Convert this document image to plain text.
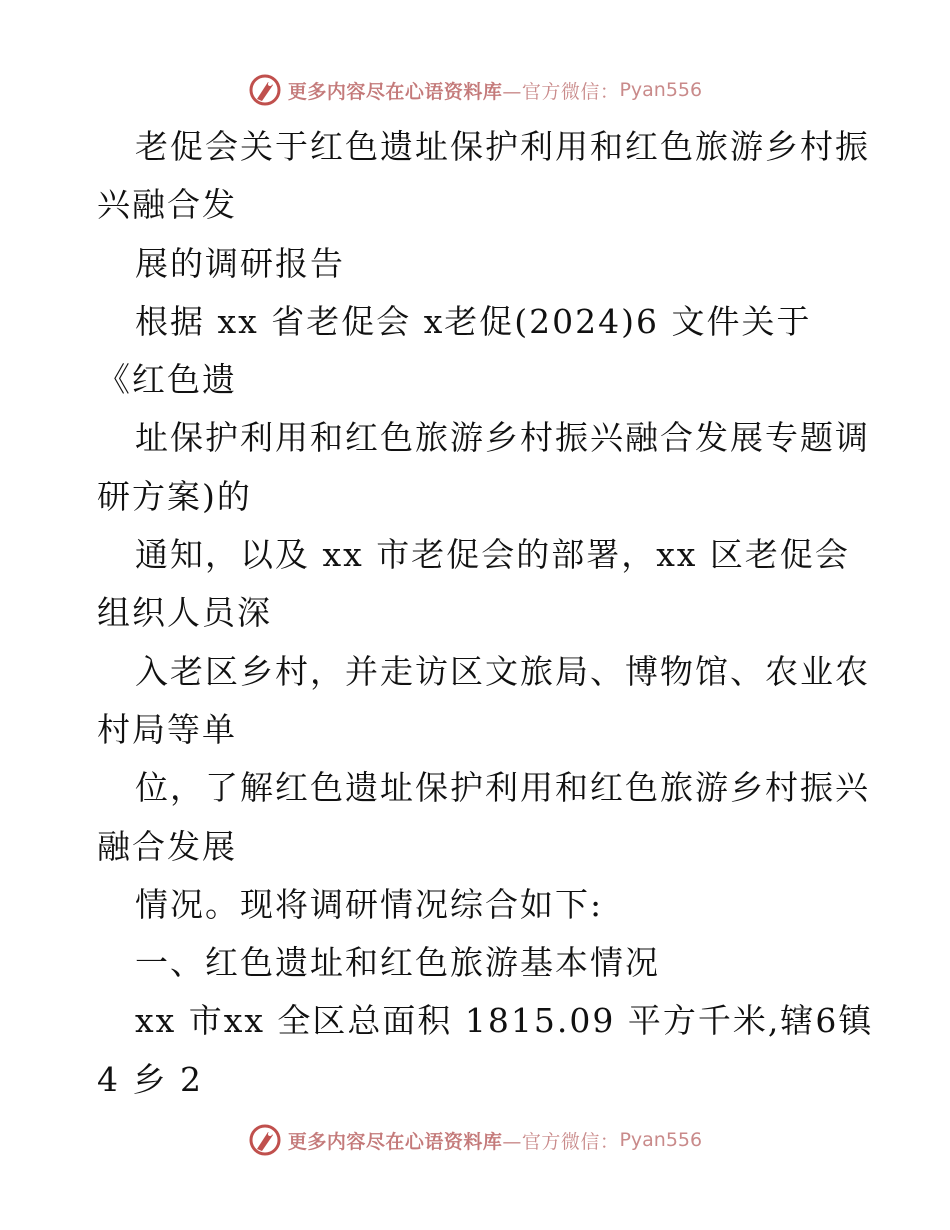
更多内容尽在心语资料库—官方微信： Pyan556
老促会关于红色遗址保护利用和红色旅游乡村振
兴融合发
展的调研报告
根据 xx 省老促会 x老促(2024)6 文件关于
《红色遗
址保护利用和红色旅游乡村振兴融合发展专题调
研方案)的
通知，以及 xx 市老促会的部署，xx 区老促会
组织人员深
入老区乡村，并走访区文旅局、博物馆、农业农
村局等单
位，了解红色遗址保护利用和红色旅游乡村振兴
融合发展
情况。现将调研情况综合如下:
一、红色遗址和红色旅游基本情况
xx 市xx 全区总面积 1815.09 平方千米,辖6镇
4 乡 2
更多内容尽在心语资料库—官方微信： Pyan556
